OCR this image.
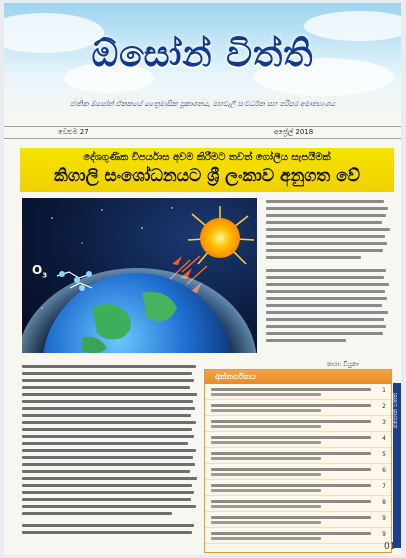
ඕසෝන් විත්ති
ජාතික ඕසෝන් ඒකකයේ ත්‍රෛමාසික ප්‍රකාශනය, මහවැලි සංවර්ධන සහ පරිසර අමාත්‍යාංශය
වෙළුම 27	අප්‍රේල් 2018
දේශගුණික විපර්යාස අවම කිරීමට තවත් ගෝලීය සැපයීමක්
කිගාලි සංශෝධනයට ශ්‍රී ලංකාව අනුගත වේ
$O_3$
ඡායා: වියුනා
අන්තර්ගතය
1
2
3
4
5
6
7
8
9
9
ඕසෝන් විත්ති
01
